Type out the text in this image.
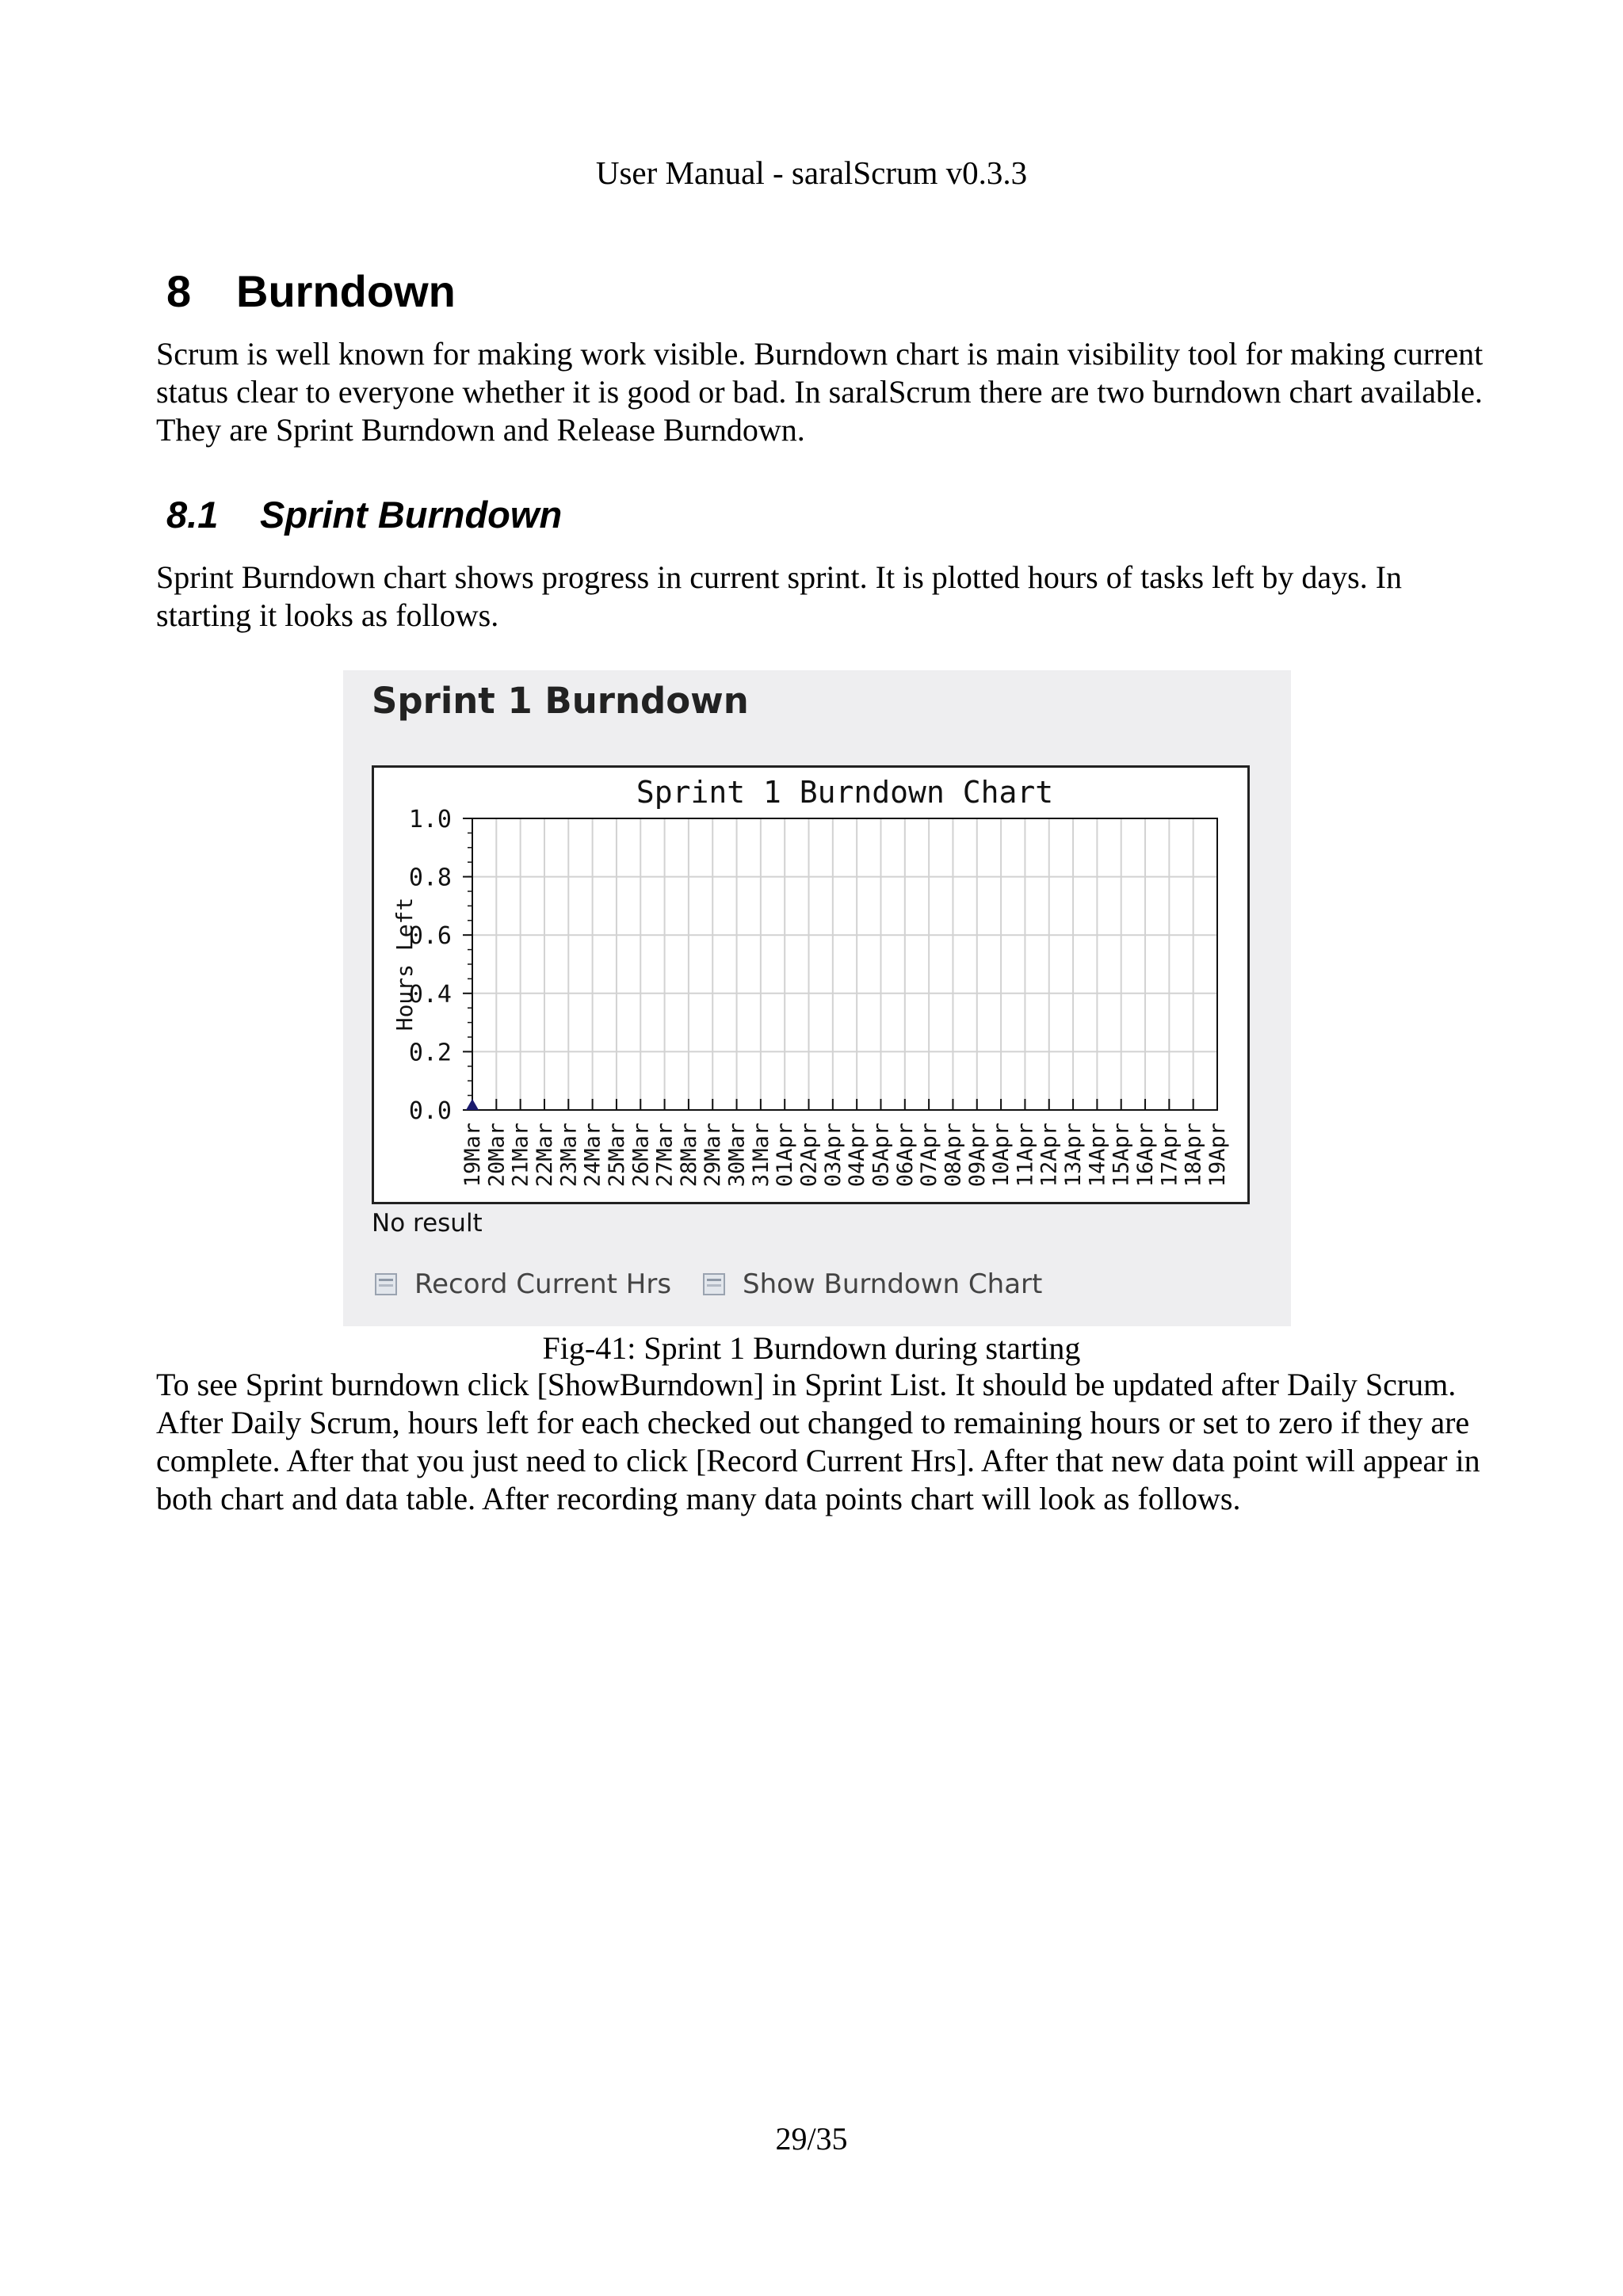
User Manual - saralScrum v0.3.3
8 Burndown

Scrum is well known for making work visible. Burndown chart is main visibility tool for making current status clear to everyone whether it is good or bad. In saralScrum there are two burndown chart available. They are Sprint Burndown and Release Burndown.

8.1 Sprint Burndown

Sprint Burndown chart shows progress in current sprint. It is plotted hours of tasks left by days. In starting it looks as follows.

Sprint 1 Burndown
Sprint 1 Burndown Chart
0.0
0.2
0.4
0.6
0.8
1.0
19Mar 20Mar 21Mar 22Mar 23Mar 24Mar 25Mar 26Mar 27Mar 28Mar 29Mar 30Mar 31Mar 01Apr 02Apr 03Apr 04Apr 05Apr 06Apr 07Apr 08Apr 09Apr 10Apr 11Apr 12Apr 13Apr 14Apr 15Apr 16Apr 17Apr 18Apr 19Apr
Hours Left
No result
Record Current Hrs	Show Burndown Chart
Fig-41: Sprint 1 Burndown during starting

To see Sprint burndown click [ShowBurndown] in Sprint List. It should be updated after Daily Scrum. After Daily Scrum, hours left for each checked out changed to remaining hours or set to zero if they are complete. After that you just need to click [Record Current Hrs]. After that new data point will appear in both chart and data table. After recording many data points chart will look as follows.

29/35
